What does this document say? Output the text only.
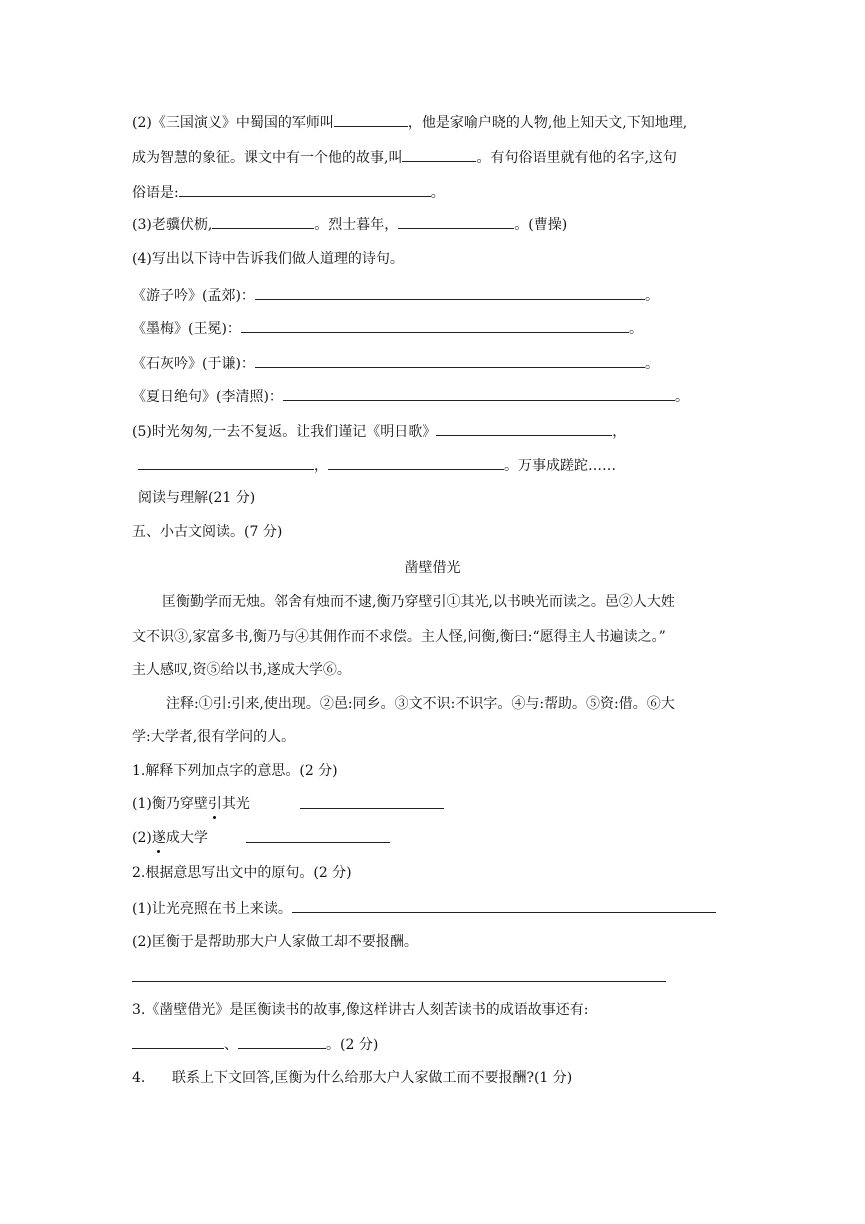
(2)《三国演义》中蜀国的军师叫	，他是家喻户晓的人物,他上知天文,下知地理,
成为智慧的象征。课文中有一个他的故事,叫	。有句俗语里就有他的名字,这句
俗语是:	。
(3)老骥伏枥,	。烈士暮年，	。(曹操)
(4)写出以下诗中告诉我们做人道理的诗句。
《游子吟》(孟郊)：	。
《墨梅》(王冕)：	。
《石灰吟》(于谦)：	。
《夏日绝句》(李清照)：	。
(5)时光匆匆,一去不复返。让我们谨记《明日歌》	，
，	。万事成蹉跎……
阅读与理解(21 分)
五、小古文阅读。(7 分)
凿壁借光
匡衡勤学而无烛。邻舍有烛而不逮,衡乃穿壁引①其光,以书映光而读之。邑②人大姓
文不识③,家富多书,衡乃与④其佣作而不求偿。主人怪,问衡,衡曰:“愿得主人书遍读之。”
主人感叹,资⑤给以书,遂成大学⑥。
注释:①引:引来,使出现。②邑:同乡。③文不识:不识字。④与:帮助。⑤资:借。⑥大
学:大学者,很有学问的人。
1.解释下列加点字的意思。(2 分)
(1)衡乃穿壁引其光
(2)遂成大学
2.根据意思写出文中的原句。(2 分)
(1)让光亮照在书上来读。
(2)匡衡于是帮助那大户人家做工却不要报酬。
3.《凿壁借光》是匡衡读书的故事,像这样讲古人刻苦读书的成语故事还有:
、	。(2 分)
4. 联系上下文回答,匡衡为什么给那大户人家做工而不要报酬?(1 分)
